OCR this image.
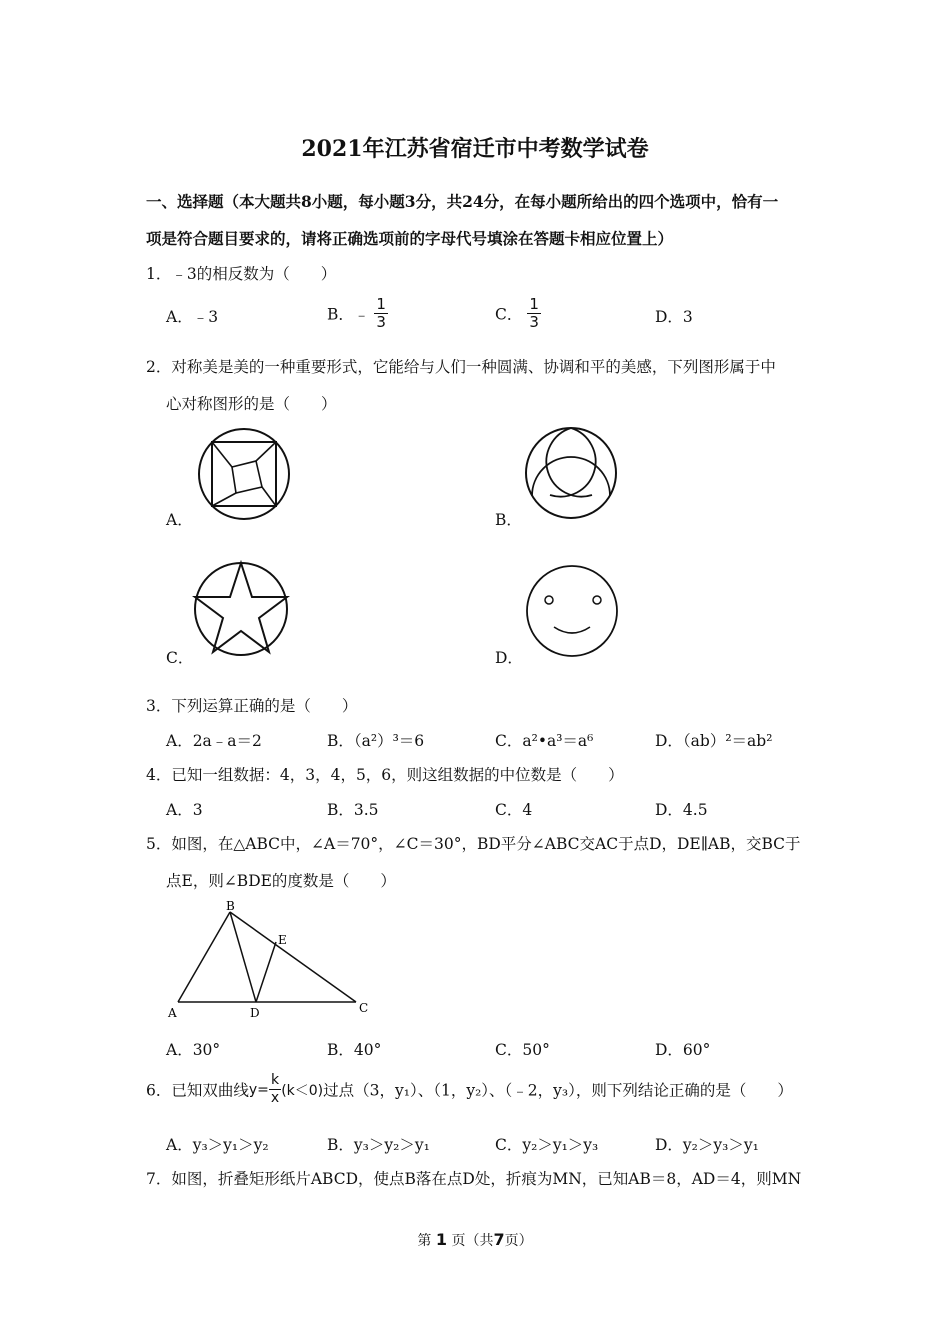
2021年江苏省宿迁市中考数学试卷
一、选择题（本大题共8小题，每小题3分，共24分，在每小题所给出的四个选项中，恰有一
项是符合题目要求的，请将正确选项前的字母代号填涂在答题卡相应位置上）
1．﹣3的相反数为（　　）
A．﹣3	B．﹣ $\frac{1}{3}$	C． $\frac{1}{3}$	D．3
2．对称美是美的一种重要形式，它能给与人们一种圆满、协调和平的美感，下列图形属于中
心对称图形的是（　　）
A．	B．
C．	D．
3．下列运算正确的是（　　）
A．2a﹣a＝2	B．（a²）³＝6	C．a²•a³＝a⁶	D．（ab）²＝ab²
4．已知一组数据：4，3，4，5，6，则这组数据的中位数是（　　）
A．3	B．3.5	C．4	D．4.5
5．如图，在△ABC中，∠A＝70°，∠C＝30°，BD平分∠ABC交AC于点D，DE∥AB，交BC于
点E，则∠BDE的度数是（　　）
B
E
A	D	C
A．30°	B．40°	C．50°	D．60°
6．已知双曲线$y= \frac{k}{x} (k<0)$过点（3，y₁）、（1，y₂）、（﹣2，y₃），则下列结论正确的是（　　）
A．y₃＞y₁＞y₂	B．y₃＞y₂＞y₁	C．y₂＞y₁＞y₃	D．y₂＞y₃＞y₁
7．如图，折叠矩形纸片ABCD，使点B落在点D处，折痕为MN，已知AB＝8，AD＝4，则MN
第 1 页（共7页）
